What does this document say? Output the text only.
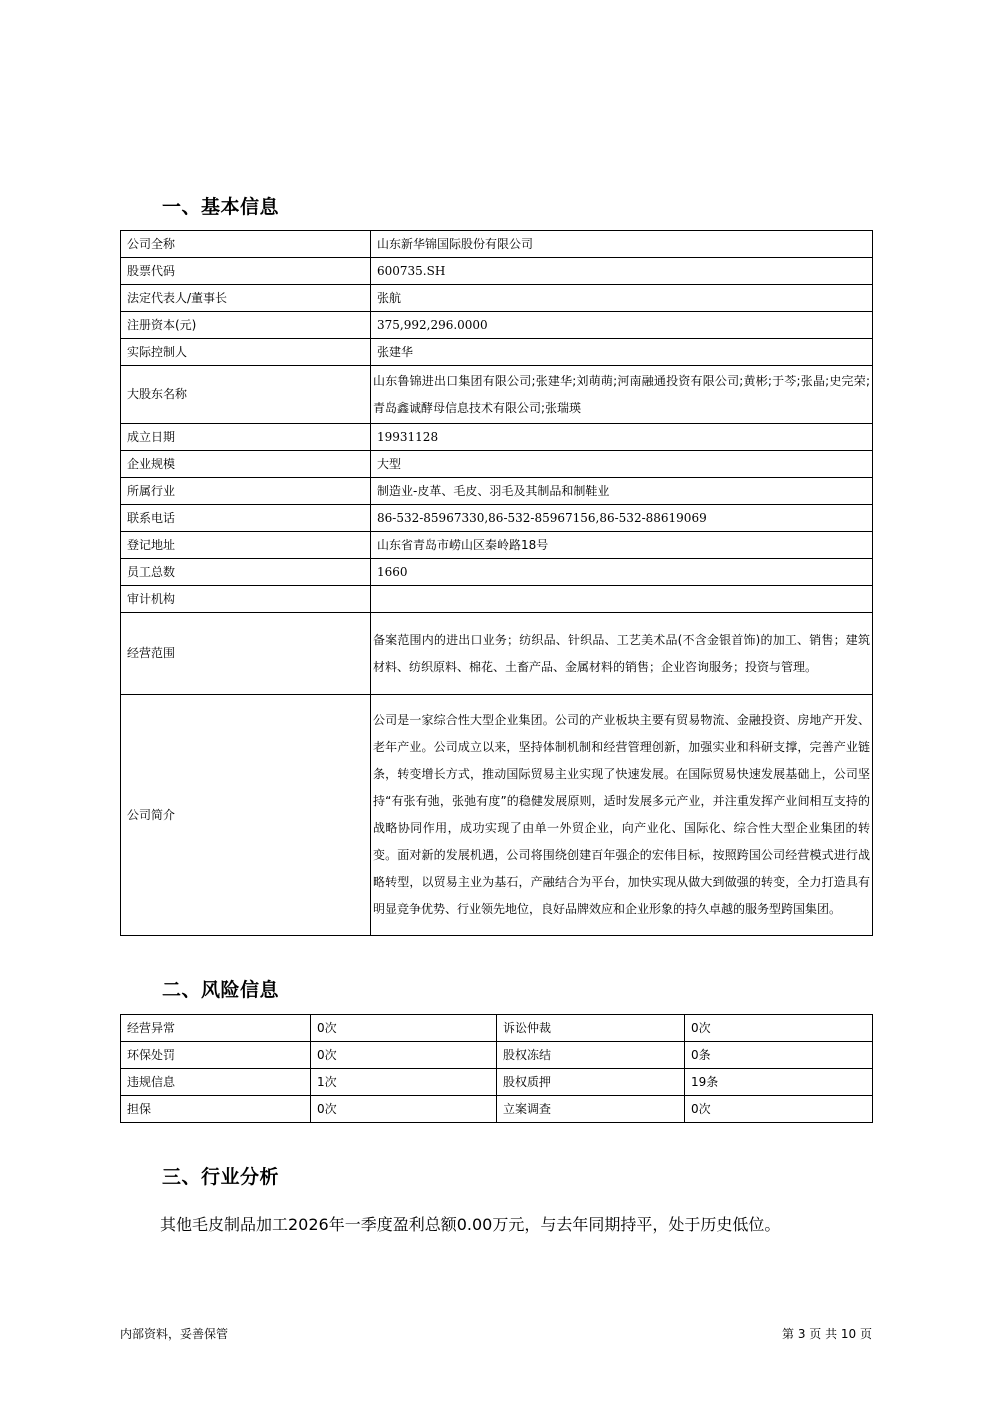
一、基本信息
公司全称	山东新华锦国际股份有限公司
股票代码	600735.SH
法定代表人/董事长	张航
注册资本(元)	375,992,296.0000
实际控制人	张建华
大股东名称	山东鲁锦进出口集团有限公司;张建华;刘萌萌;河南融通投资有限公司;黄彬;于芩;张晶;史完荣;青岛鑫诚酵母信息技术有限公司;张瑞瑛
成立日期	19931128
企业规模	大型
所属行业	制造业-皮革、毛皮、羽毛及其制品和制鞋业
联系电话	86-532-85967330,86-532-85967156,86-532-88619069
登记地址	山东省青岛市崂山区秦岭路18号
员工总数	1660
审计机构	
经营范围	备案范围内的进出口业务；纺织品、针织品、工艺美术品(不含金银首饰)的加工、销售；建筑材料、纺织原料、棉花、土畜产品、金属材料的销售；企业咨询服务；投资与管理。
公司简介	公司是一家综合性大型企业集团。公司的产业板块主要有贸易物流、金融投资、房地产开发、老年产业。公司成立以来，坚持体制机制和经营管理创新，加强实业和科研支撑，完善产业链条，转变增长方式，推动国际贸易主业实现了快速发展。在国际贸易快速发展基础上，公司坚持“有张有弛，张弛有度”的稳健发展原则，适时发展多元产业，并注重发挥产业间相互支持的战略协同作用，成功实现了由单一外贸企业，向产业化、国际化、综合性大型企业集团的转变。面对新的发展机遇，公司将围绕创建百年强企的宏伟目标，按照跨国公司经营模式进行战略转型，以贸易主业为基石，产融结合为平台，加快实现从做大到做强的转变，全力打造具有明显竞争优势、行业领先地位，良好品牌效应和企业形象的持久卓越的服务型跨国集团。
二、风险信息
经营异常	0次	诉讼仲裁	0次
环保处罚	0次	股权冻结	0条
违规信息	1次	股权质押	19条
担保	0次	立案调查	0次
三、行业分析

其他毛皮制品加工2026年一季度盈利总额0.00万元，与去年同期持平，处于历史低位。

内部资料，妥善保管	第 3 页 共 10 页
